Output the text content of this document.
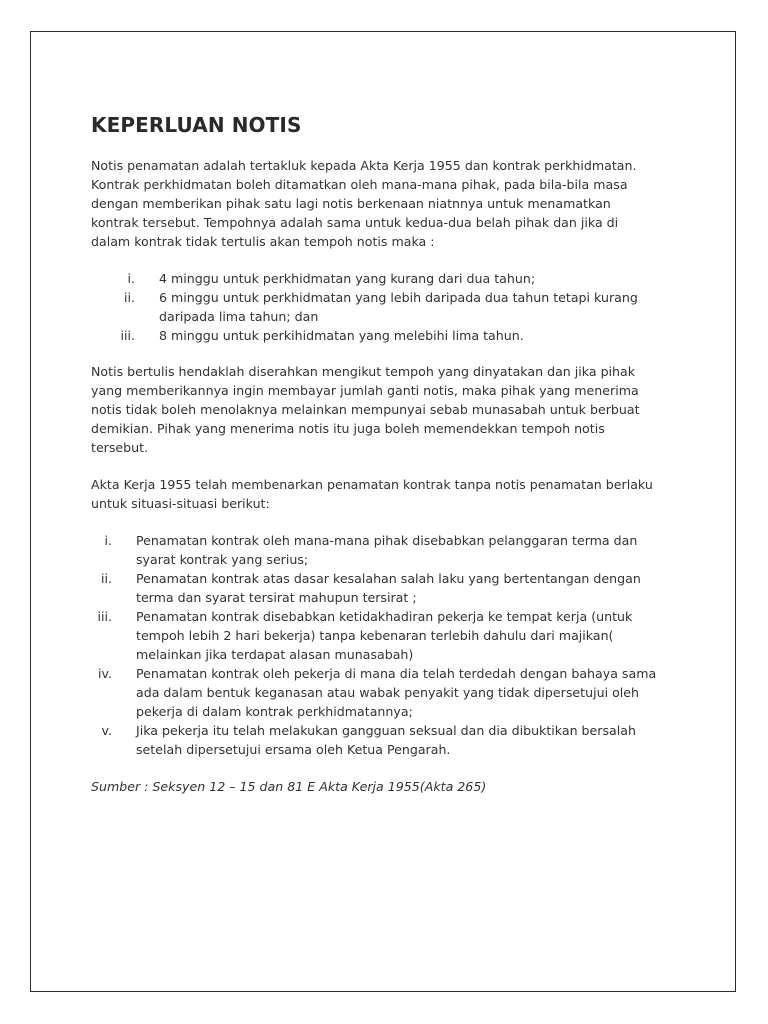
KEPERLUAN NOTIS

Notis penamatan adalah tertakluk kepada Akta Kerja 1955 dan kontrak perkhidmatan.
Kontrak perkhidmatan boleh ditamatkan oleh mana-mana pihak, pada bila-bila masa
dengan memberikan pihak satu lagi notis berkenaan niatnnya untuk menamatkan
kontrak tersebut. Tempohnya adalah sama untuk kedua-dua belah pihak dan jika di
dalam kontrak tidak tertulis akan tempoh notis maka :

i. 4 minggu untuk perkhidmatan yang kurang dari dua tahun;
ii. 6 minggu untuk perkhidmatan yang lebih daripada dua tahun tetapi kurang
daripada lima tahun; dan
iii. 8 minggu untuk perkihidmatan yang melebihi lima tahun.

Notis bertulis hendaklah diserahkan mengikut tempoh yang dinyatakan dan jika pihak
yang memberikannya ingin membayar jumlah ganti notis, maka pihak yang menerima
notis tidak boleh menolaknya melainkan mempunyai sebab munasabah untuk berbuat
demikian. Pihak yang menerima notis itu juga boleh memendekkan tempoh notis
tersebut.

Akta Kerja 1955 telah membenarkan penamatan kontrak tanpa notis penamatan berlaku
untuk situasi-situasi berikut:

i. Penamatan kontrak oleh mana-mana pihak disebabkan pelanggaran terma dan
syarat kontrak yang serius;
ii. Penamatan kontrak atas dasar kesalahan salah laku yang bertentangan dengan
terma dan syarat tersirat mahupun tersirat ;
iii. Penamatan kontrak disebabkan ketidakhadiran pekerja ke tempat kerja (untuk
tempoh lebih 2 hari bekerja) tanpa kebenaran terlebih dahulu dari majikan(
melainkan jika terdapat alasan munasabah)
iv. Penamatan kontrak oleh pekerja di mana dia telah terdedah dengan bahaya sama
ada dalam bentuk keganasan atau wabak penyakit yang tidak dipersetujui oleh
pekerja di dalam kontrak perkhidmatannya;
v. Jika pekerja itu telah melakukan gangguan seksual dan dia dibuktikan bersalah
setelah dipersetujui ersama oleh Ketua Pengarah.

Sumber : Seksyen 12 – 15 dan 81 E Akta Kerja 1955(Akta 265)
